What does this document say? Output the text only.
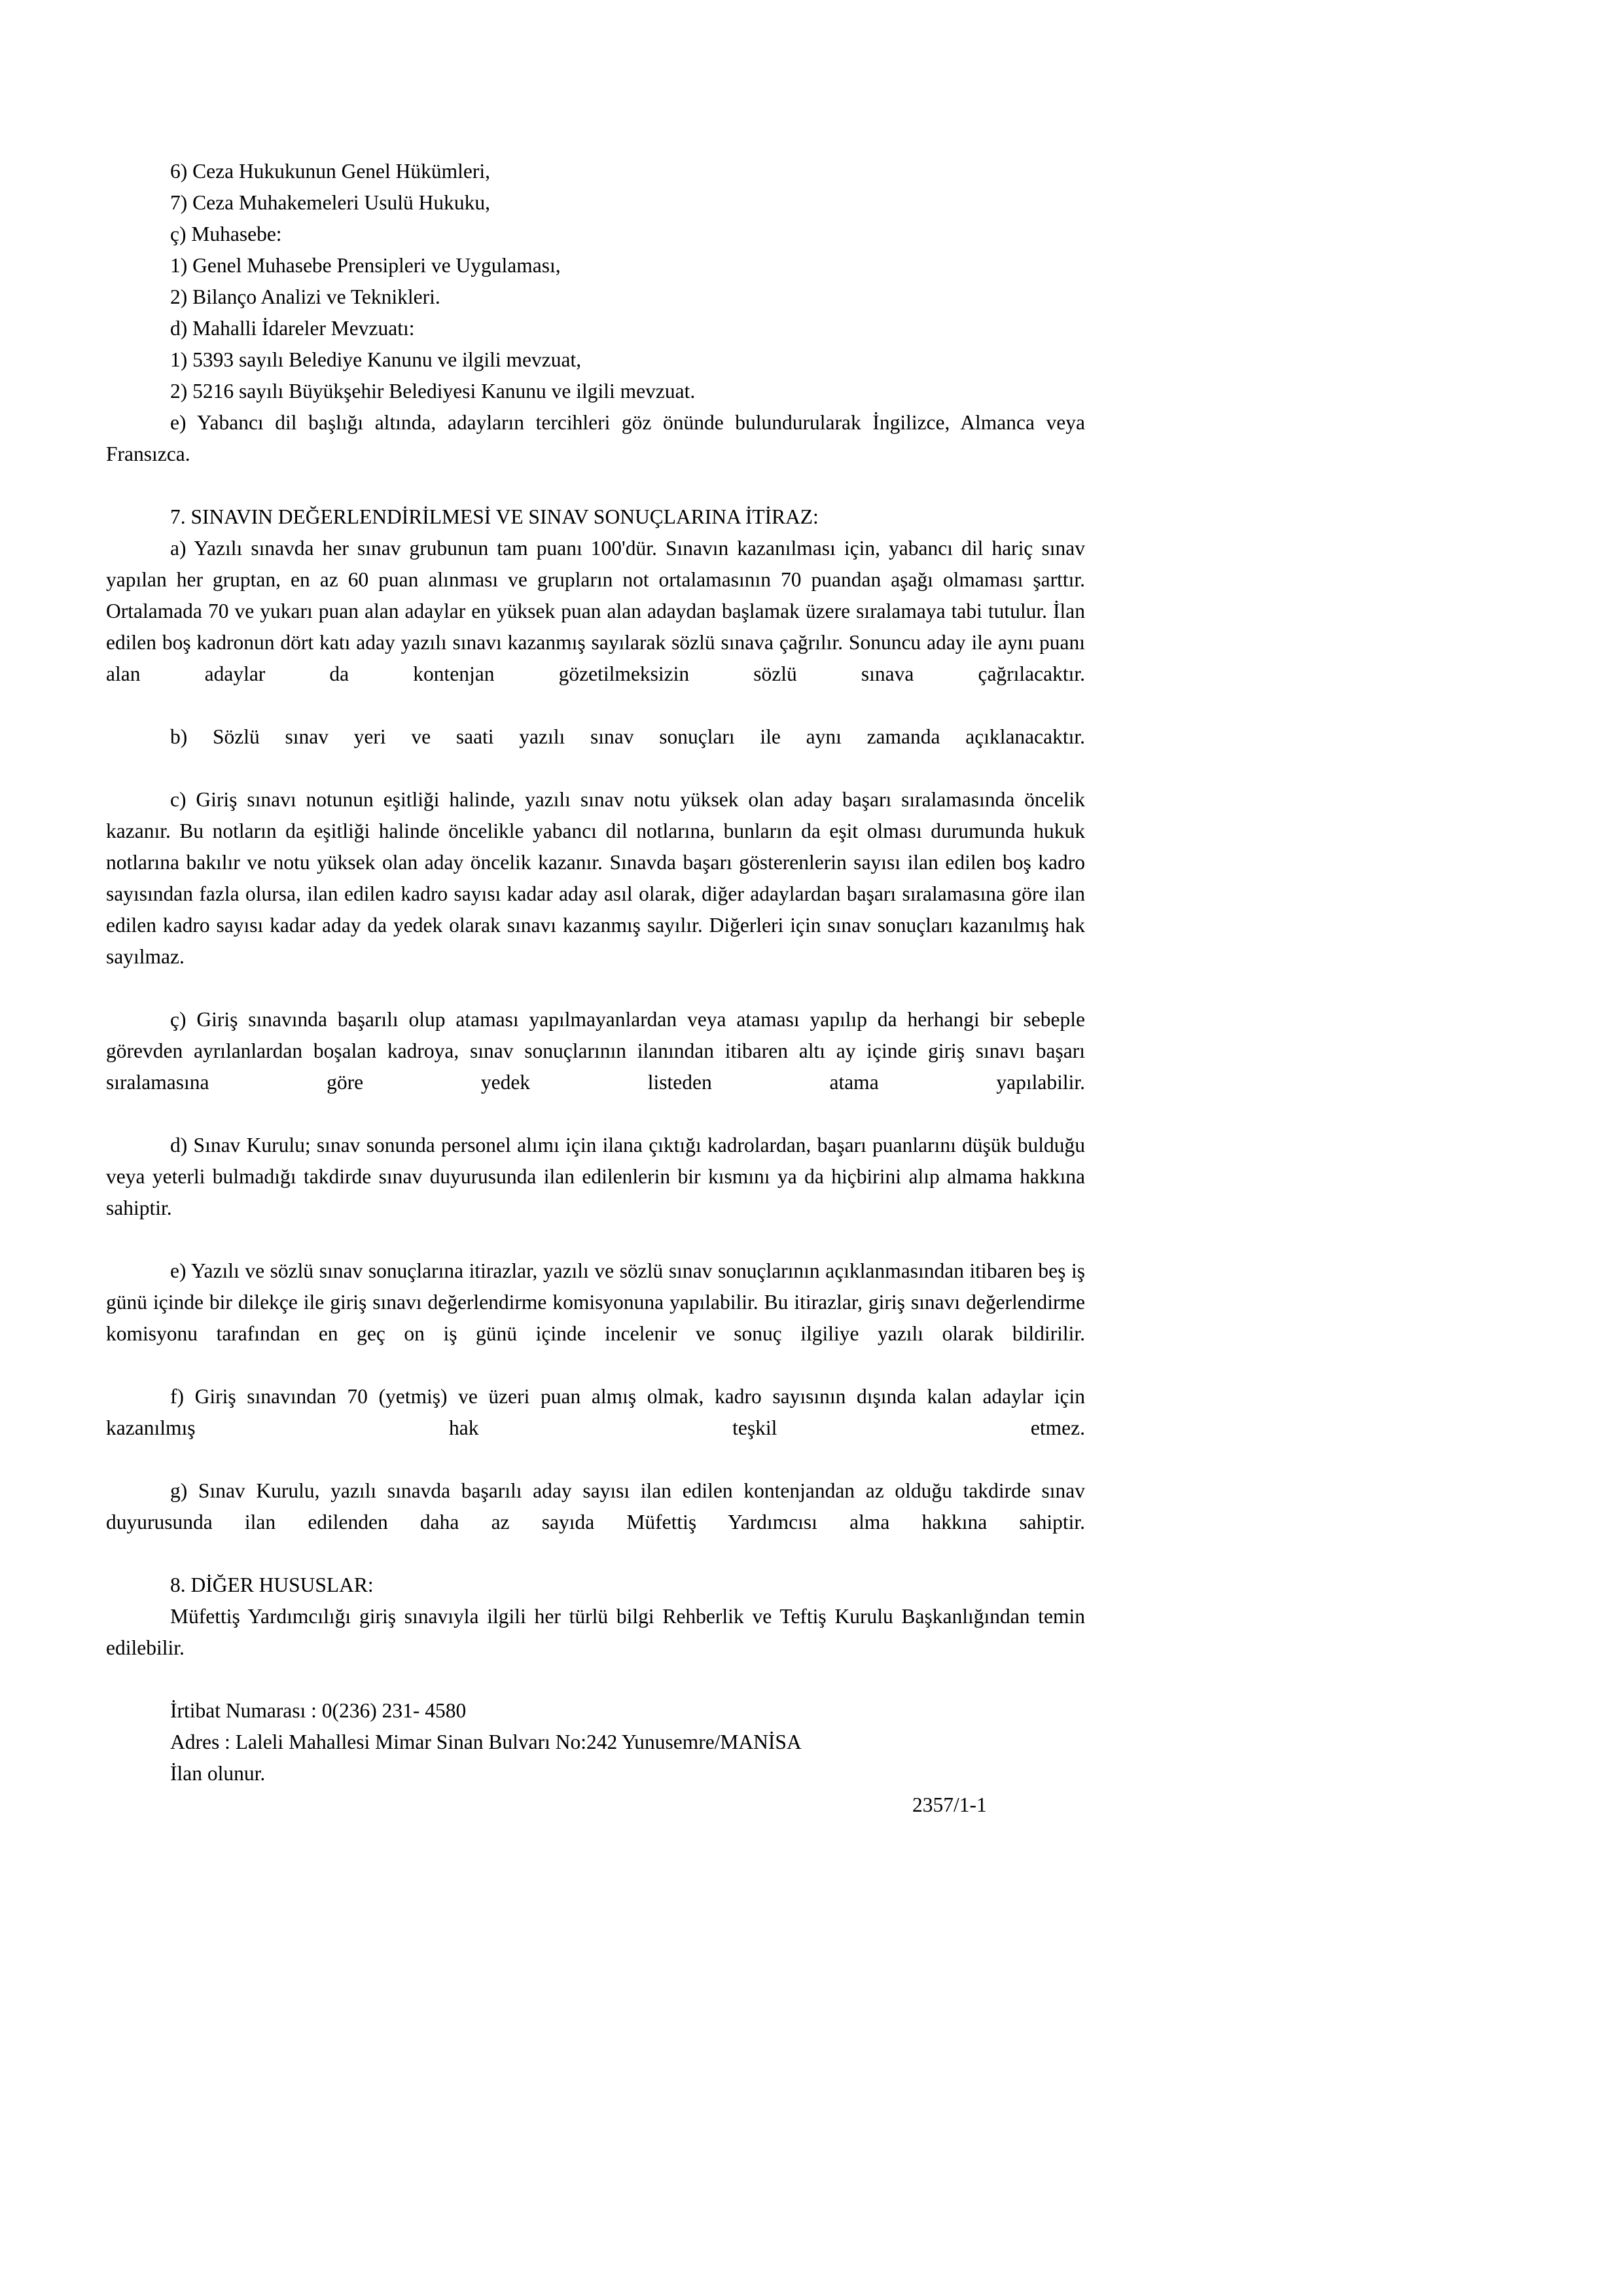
6) Ceza Hukukunun Genel Hükümleri,

7) Ceza Muhakemeleri Usulü Hukuku,

ç) Muhasebe:

1) Genel Muhasebe Prensipleri ve Uygulaması,

2) Bilanço Analizi ve Teknikleri.

d) Mahalli İdareler Mevzuatı:

1) 5393 sayılı Belediye Kanunu ve ilgili mevzuat,

2) 5216 sayılı Büyükşehir Belediyesi Kanunu ve ilgili mevzuat.

e) Yabancı dil başlığı altında, adayların tercihleri göz önünde bulundurularak İngilizce, Almanca veya Fransızca.

7. SINAVIN DEĞERLENDİRİLMESİ VE SINAV SONUÇLARINA İTİRAZ:

a) Yazılı sınavda her sınav grubunun tam puanı 100'dür. Sınavın kazanılması için, yabancı dil hariç sınav yapılan her gruptan, en az 60 puan alınması ve grupların not ortalamasının 70 puandan aşağı olmaması şarttır. Ortalamada 70 ve yukarı puan alan adaylar en yüksek puan alan adaydan başlamak üzere sıralamaya tabi tutulur. İlan edilen boş kadronun dört katı aday yazılı sınavı kazanmış sayılarak sözlü sınava çağrılır. Sonuncu aday ile aynı puanı alan adaylar da kontenjan gözetilmeksizin sözlü sınava çağrılacaktır.

b) Sözlü sınav yeri ve saati yazılı sınav sonuçları ile aynı zamanda açıklanacaktır.

c) Giriş sınavı notunun eşitliği halinde, yazılı sınav notu yüksek olan aday başarı sıralamasında öncelik kazanır. Bu notların da eşitliği halinde öncelikle yabancı dil notlarına, bunların da eşit olması durumunda hukuk notlarına bakılır ve notu yüksek olan aday öncelik kazanır. Sınavda başarı gösterenlerin sayısı ilan edilen boş kadro sayısından fazla olursa, ilan edilen kadro sayısı kadar aday asıl olarak, diğer adaylardan başarı sıralamasına göre ilan edilen kadro sayısı kadar aday da yedek olarak sınavı kazanmış sayılır. Diğerleri için sınav sonuçları kazanılmış hak sayılmaz.

ç) Giriş sınavında başarılı olup ataması yapılmayanlardan veya ataması yapılıp da herhangi bir sebeple görevden ayrılanlardan boşalan kadroya, sınav sonuçlarının ilanından itibaren altı ay içinde giriş sınavı başarı sıralamasına göre yedek listeden atama yapılabilir.

d) Sınav Kurulu; sınav sonunda personel alımı için ilana çıktığı kadrolardan, başarı puanlarını düşük bulduğu veya yeterli bulmadığı takdirde sınav duyurusunda ilan edilenlerin bir kısmını ya da hiçbirini alıp almama hakkına sahiptir.

e) Yazılı ve sözlü sınav sonuçlarına itirazlar, yazılı ve sözlü sınav sonuçlarının açıklanmasından itibaren beş iş günü içinde bir dilekçe ile giriş sınavı değerlendirme komisyonuna yapılabilir. Bu itirazlar, giriş sınavı değerlendirme komisyonu tarafından en geç on iş günü içinde incelenir ve sonuç ilgiliye yazılı olarak bildirilir.

f) Giriş sınavından 70 (yetmiş) ve üzeri puan almış olmak, kadro sayısının dışında kalan adaylar için kazanılmış hak teşkil etmez.

g) Sınav Kurulu, yazılı sınavda başarılı aday sayısı ilan edilen kontenjandan az olduğu takdirde sınav duyurusunda ilan edilenden daha az sayıda Müfettiş Yardımcısı alma hakkına sahiptir.

8. DİĞER HUSUSLAR:

Müfettiş Yardımcılığı giriş sınavıyla ilgili her türlü bilgi Rehberlik ve Teftiş Kurulu Başkanlığından temin edilebilir.

İrtibat Numarası : 0(236) 231- 4580

Adres : Laleli Mahallesi Mimar Sinan Bulvarı No:242 Yunusemre/MANİSA

İlan olunur.

2357/1-1
